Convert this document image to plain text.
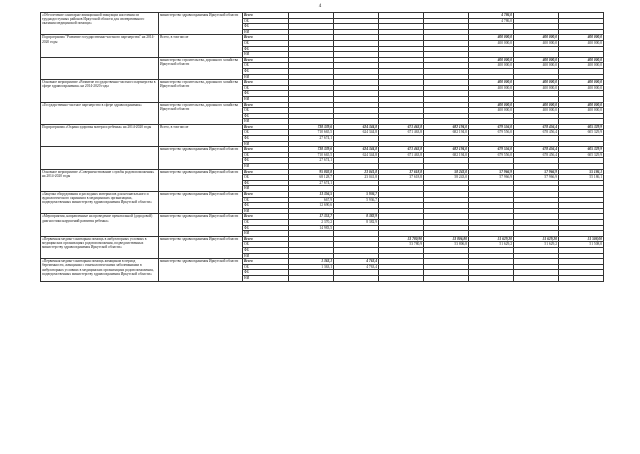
4
«Обеспечение санитарно-авиационной эвакуации населения из труднодоступных районов Иркутской области для своевременного оказания медицинской помощи»	министерство здравоохранения Иркутской области	Всего					4 786,0			
		ОБ					4 786,0			
		ФБ								
		НИ								
Подпрограмма "Развитие государственно-частного партнерства" на 2014-2020 годы	Всего, в том числе	Всего					400 000,0	400 000,0	400 000,0	
		ОБ					400 000,0	400 000,0	400 000,0	
		ФБ								
		НИ								
	министерство строительства, дорожного хозяйства Иркутской области	Всего					400 000,0	400 000,0	400 000,0	
		ОБ					400 000,0	400 000,0	400 000,0	
		ФБ								
		НИ								
Основное мероприятие «Развитие государственно-частного партнерства в сфере здравоохранения» на 2014-2020 годы	министерство строительства, дорожного хозяйства Иркутской области	Всего					400 000,0	400 000,0	400 000,0	
		ОБ					400 000,0	400 000,0	400 000,0	
		ФБ								
		НИ								
«Государственно-частное партнерство в сфере здравоохранения»	министерство строительства, дорожного хозяйства Иркутской области	Всего					400 000,0	400 000,0	400 000,0	
		ОБ					400 000,0	400 000,0	400 000,0	
		ФБ								
		НИ								
Подпрограмма «Охрана здоровья матери и ребенка» на 2014-2020 годы	Всего, в том числе	Всего	738 339,6	624 344,8	671 463,8	682 194,0	679 556,0	678 456,4	605 329,9	
		ОБ	710 665,5	624 344,8	671 463,8	682 194,0	679 556,0	678 456,4	605 329,9	
		ФБ	27 674,1							
		НИ								
	министерство здравоохранения Иркутской области	Всего	738 339,6	624 344,8	671 463,8	682 194,0	679 556,0	678 456,4	605 329,9	
		ОБ	710 665,5	624 344,8	671 463,8	682 194,0	679 556,0	678 456,4	605 329,9	
		ФБ	27 674,1							
		НИ								
Основное мероприятие «Совершенствование службы родовспоможения» на 2014-2020 годы	министерство здравоохранения Иркутской области	Всего	95 802,8	23 041,8	37 618,8	58 243,0	57 966,9	57 966,9	55 186,1	
		ОБ	68 128,7	23 041,8	37 618,8	58 243,0	57 966,9	57 966,9	55 186,1	
		ФБ	27 674,1							
		НИ								
«Закупка оборудования и расходных материалов для неонатального и аудиологического скрининга в медицинских организациях, подведомственных министерству здравоохранения Иркутской области»	министерство здравоохранения Иркутской области	Всего	13 356,5	5 936,7						
		ОБ	667,9	5 936,7						
		ФБ	12 690,6							
		НИ								
«Мероприятия, направленные на проведение пренатальной (дородовой) диагностики нарушений развития ребенка»	министерство здравоохранения Иркутской области	Всего	17 353,7	8 382,9						
		ОБ	2 370,2	8 382,9						
		ФБ	14 983,5							
		НИ								
«Первичная медико-санитарная помощь в амбулаторных условиях в медицинских организациях родовспоможения, подведомственных министерству здравоохранения Иркутской области»	министерство здравоохранения Иркутской области	Всего			53 780,90	53 806,80	51 629,20	51 629,20	51 508,00	
		ОБ			53 780,9	53 806,8	51 629,2	51 629,2	51 508,0	
		ФБ								
		НИ								
«Первичная медико-санитарная помощь женщинам в период беременности, женщинам с гинекологическими заболеваниями в амбулаторных условиях в медицинских организациях родовспоможения, подведомственных министерству здравоохранения Иркутской области»	министерство здравоохранения Иркутской области	Всего	1 363,1	4 763,4						
		ОБ	1 363,1	4 763,4						
		ФБ								
		НИ								
